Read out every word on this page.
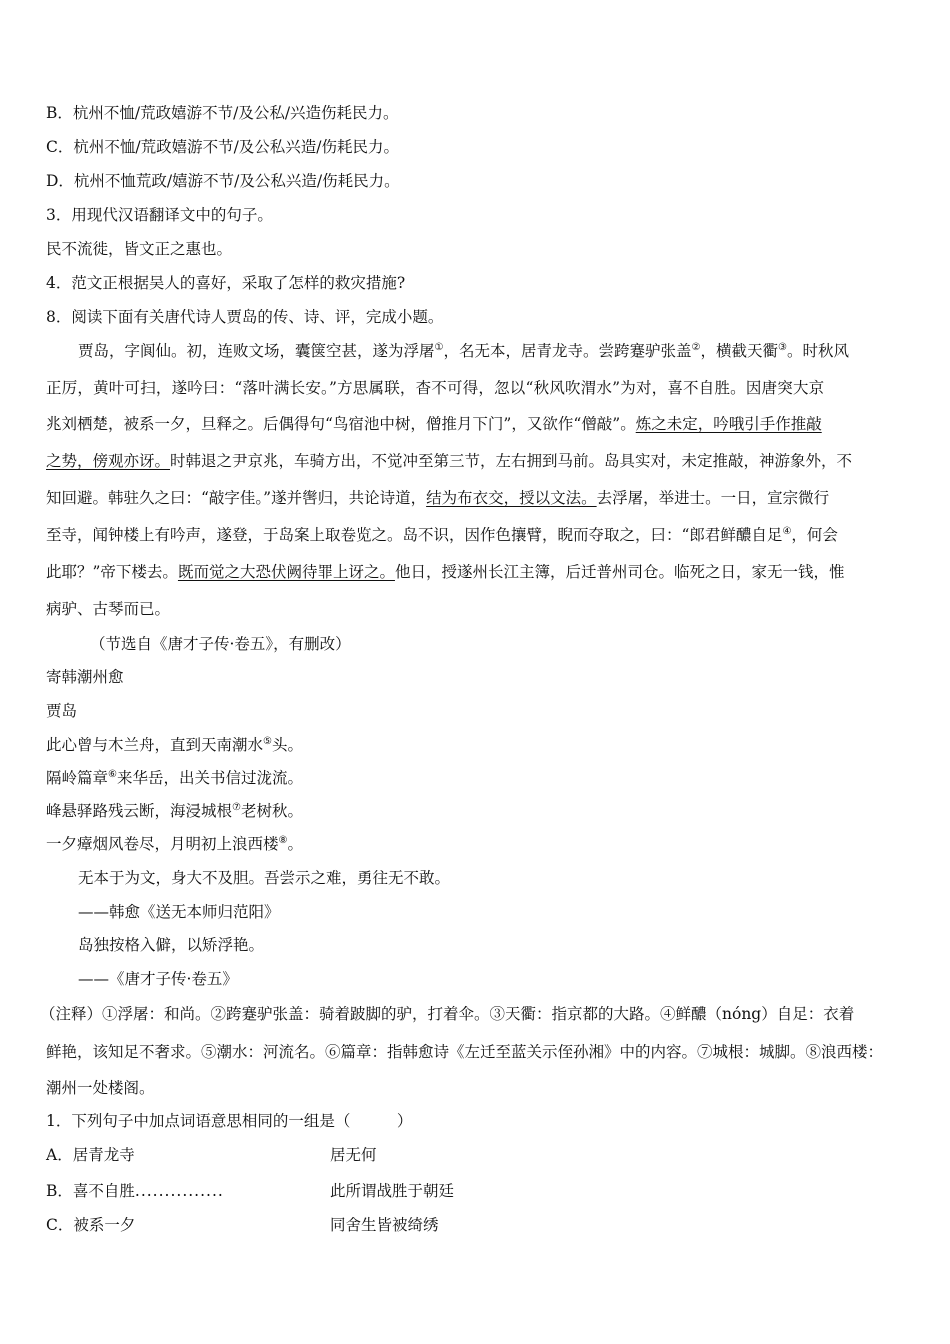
B．杭州不恤/荒政嬉游不节/及公私/兴造伤耗民力。
C．杭州不恤/荒政嬉游不节/及公私兴造/伤耗民力。
D．杭州不恤荒政/嬉游不节/及公私兴造/伤耗民力。
3．用现代汉语翻译文中的句子。
民不流徙，皆文正之惠也。
4．范文正根据吴人的喜好，采取了怎样的救灾措施?
8．阅读下面有关唐代诗人贾岛的传、诗、评，完成小题。
贾岛，字阆仙。初，连败文场，囊箧空甚，遂为浮屠①，名无本，居青龙寺。尝跨蹇驴张盖②，横截天衢③。时秋风
正厉，黄叶可扫，遂吟曰：“落叶满长安。”方思属联，杳不可得，忽以“秋风吹渭水”为对，喜不自胜。因唐突大京
兆刘栖楚，被系一夕，旦释之。后偶得句“鸟宿池中树，僧推月下门”，又欲作“僧敲”。炼之未定，吟哦引手作推敲
之势，傍观亦讶。时韩退之尹京兆，车骑方出，不觉冲至第三节，左右拥到马前。岛具实对，未定推敲，神游象外，不
知回避。韩驻久之曰：“敲字佳。”遂并辔归，共论诗道，结为布衣交，授以文法。去浮屠，举进士。一日，宣宗微行
至寺，闻钟楼上有吟声，遂登，于岛案上取卷览之。岛不识，因作色攘臂，睨而夺取之，曰：“郎君鲜醲自足④，何会
此耶？”帝下楼去。既而觉之大恐伏阙待罪上讶之。他日，授遂州长江主簿，后迁普州司仓。临死之日，家无一钱，惟
病驴、古琴而已。
（节选自《唐才子传·卷五》，有删改）
寄韩潮州愈
贾岛
此心曾与木兰舟，直到天南潮水⑤头。
隔岭篇章⑥来华岳，出关书信过泷流。
峰悬驿路残云断，海浸城根⑦老树秋。
一夕瘴烟风卷尽，月明初上浪西楼⑧。
无本于为文，身大不及胆。吾尝示之难，勇往无不敢。
——韩愈《送无本师归范阳》
岛独按格入僻，以矫浮艳。
——《唐才子传·卷五》
（注释）①浮屠：和尚。②跨蹇驴张盖：骑着跛脚的驴，打着伞。③天衢：指京都的大路。④鲜醲（nóng）自足：衣着
鲜艳，该知足不奢求。⑤潮水：河流名。⑥篇章：指韩愈诗《左迁至蓝关示侄孙湘》中的内容。⑦城根：城脚。⑧浪西楼：
潮州一处楼阁。
1．下列句子中加点词语意思相同的一组是（　　　）
A．居青龙寺	居无何
B．喜不自胜...............	此所谓战胜于朝廷
C．被系一夕	同舍生皆被绮绣
